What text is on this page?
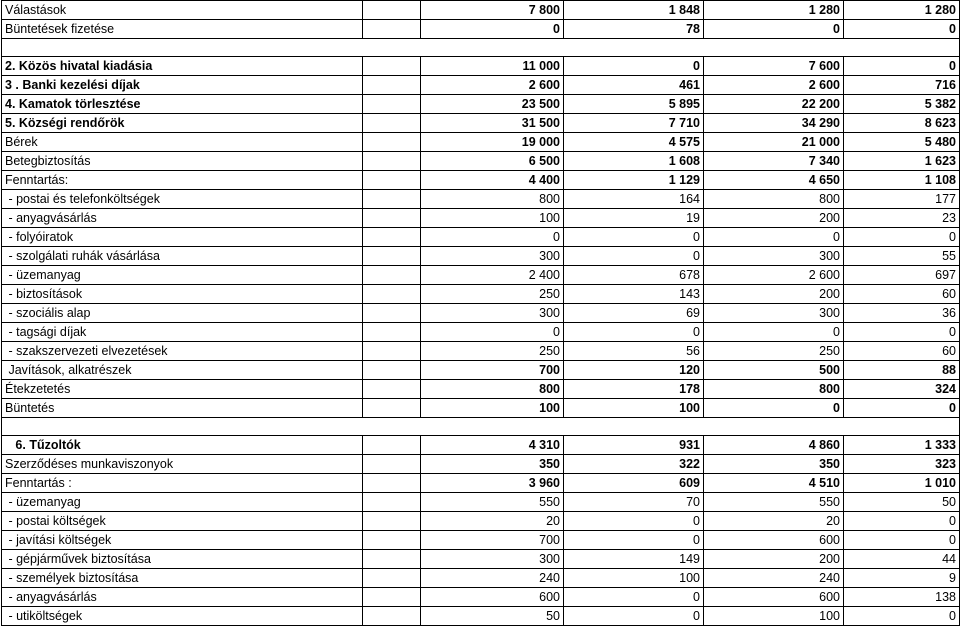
Válastások		7 800	1 848	1 280	1 280	
Büntetések fizetése		0	78	0	0	

2. Közös hivatal kiadásia		11 000	0	7 600	0	
3 . Banki kezelési díjak		2 600	461	2 600	716	
4. Kamatok törlesztése		23 500	5 895	22 200	5 382	
5. Községi rendőrök		31 500	7 710	34 290	8 623	
Bérek		19 000	4 575	21 000	5 480	
Betegbiztosítás		6 500	1 608	7 340	1 623	
Fenntartás:		4 400	1 129	4 650	1 108	
- postai és telefonköltségek		800	164	800	177	
- anyagvásárlás		100	19	200	23	
- folyóiratok		0	0	0	0	
- szolgálati ruhák vásárlása		300	0	300	55	
- üzemanyag		2 400	678	2 600	697	
- biztosítások		250	143	200	60	
- szociális alap		300	69	300	36	
- tagsági díjak		0	0	0	0	
- szakszervezeti elvezetések		250	56	250	60	
Javítások, alkatrészek		700	120	500	88	
Étekzetetés		800	178	800	324	
Büntetés		100	100	0	0	

6. Tűzoltók		4 310	931	4 860	1 333	
Szerződéses munkaviszonyok		350	322	350	323	
Fenntartás :		3 960	609	4 510	1 010	
- üzemanyag		550	70	550	50	
- postai költségek		20	0	20	0	
- javítási költségek		700	0	600	0	
- gépjárművek biztosítása		300	149	200	44	
- személyek biztosítása		240	100	240	9	
- anyagvásárlás		600	0	600	138	
- utiköltségek		50	0	100	0	
